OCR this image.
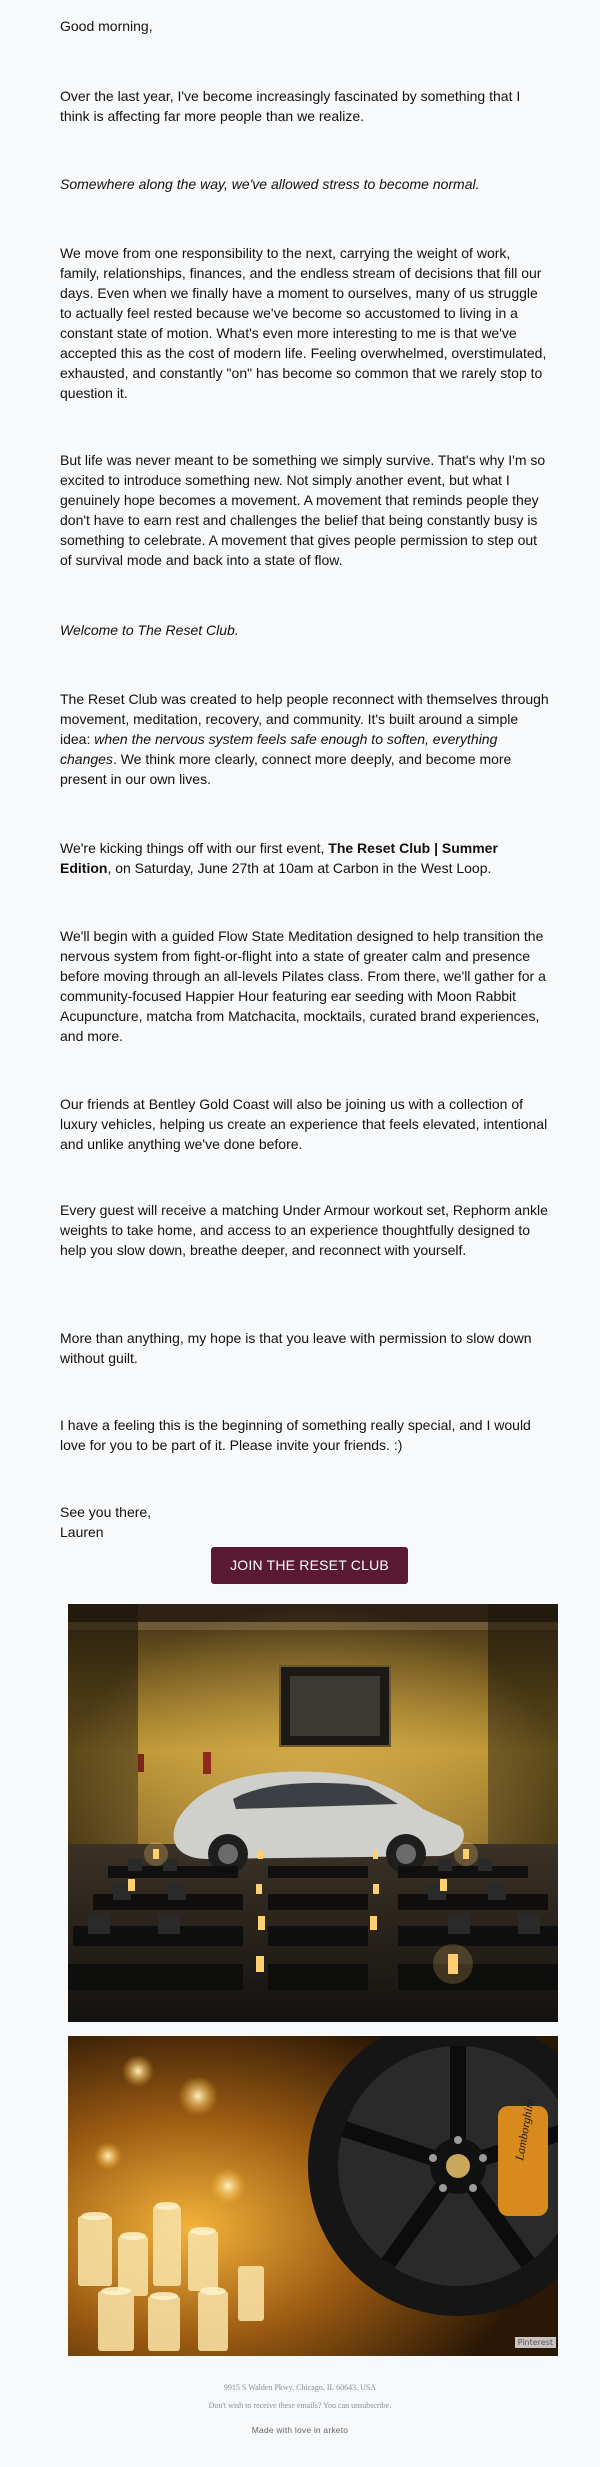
Good morning,

Over the last year, I've become increasingly fascinated by something that I think is affecting far more people than we realize.

Somewhere along the way, we've allowed stress to become normal.

We move from one responsibility to the next, carrying the weight of work, family, relationships, finances, and the endless stream of decisions that fill our days. Even when we finally have a moment to ourselves, many of us struggle to actually feel rested because we've become so accustomed to living in a constant state of motion. What's even more interesting to me is that we've accepted this as the cost of modern life. Feeling overwhelmed, overstimulated, exhausted, and constantly "on" has become so common that we rarely stop to question it.

But life was never meant to be something we simply survive. That's why I'm so excited to introduce something new. Not simply another event, but what I genuinely hope becomes a movement. A movement that reminds people they don't have to earn rest and challenges the belief that being constantly busy is something to celebrate. A movement that gives people permission to step out of survival mode and back into a state of flow.

Welcome to The Reset Club.

The Reset Club was created to help people reconnect with themselves through movement, meditation, recovery, and community. It's built around a simple idea: when the nervous system feels safe enough to soften, everything changes. We think more clearly, connect more deeply, and become more present in our own lives.

We're kicking things off with our first event, The Reset Club | Summer Edition, on Saturday, June 27th at 10am at Carbon in the West Loop.

We'll begin with a guided Flow State Meditation designed to help transition the nervous system from fight-or-flight into a state of greater calm and presence before moving through an all-levels Pilates class. From there, we'll gather for a community-focused Happier Hour featuring ear seeding with Moon Rabbit Acupuncture, matcha from Matchacita, mocktails, curated brand experiences, and more.

Our friends at Bentley Gold Coast will also be joining us with a collection of luxury vehicles, helping us create an experience that feels elevated, intentional and unlike anything we've done before.

Every guest will receive a matching Under Armour workout set, Rephorm ankle weights to take home, and access to an experience thoughtfully designed to help you slow down, breathe deeper, and reconnect with yourself.

More than anything, my hope is that you leave with permission to slow down without guilt.

I have a feeling this is the beginning of something really special, and I would love for you to be part of it. Please invite your friends. :)

See you there,

Lauren

JOIN THE RESET CLUB
Lamborghini
Pinterest
9915 S Walden Pkwy, Chicago, IL 60643, USA
Don't wish to receive these emails? You can unsubscribe.
Made with love in arketo
